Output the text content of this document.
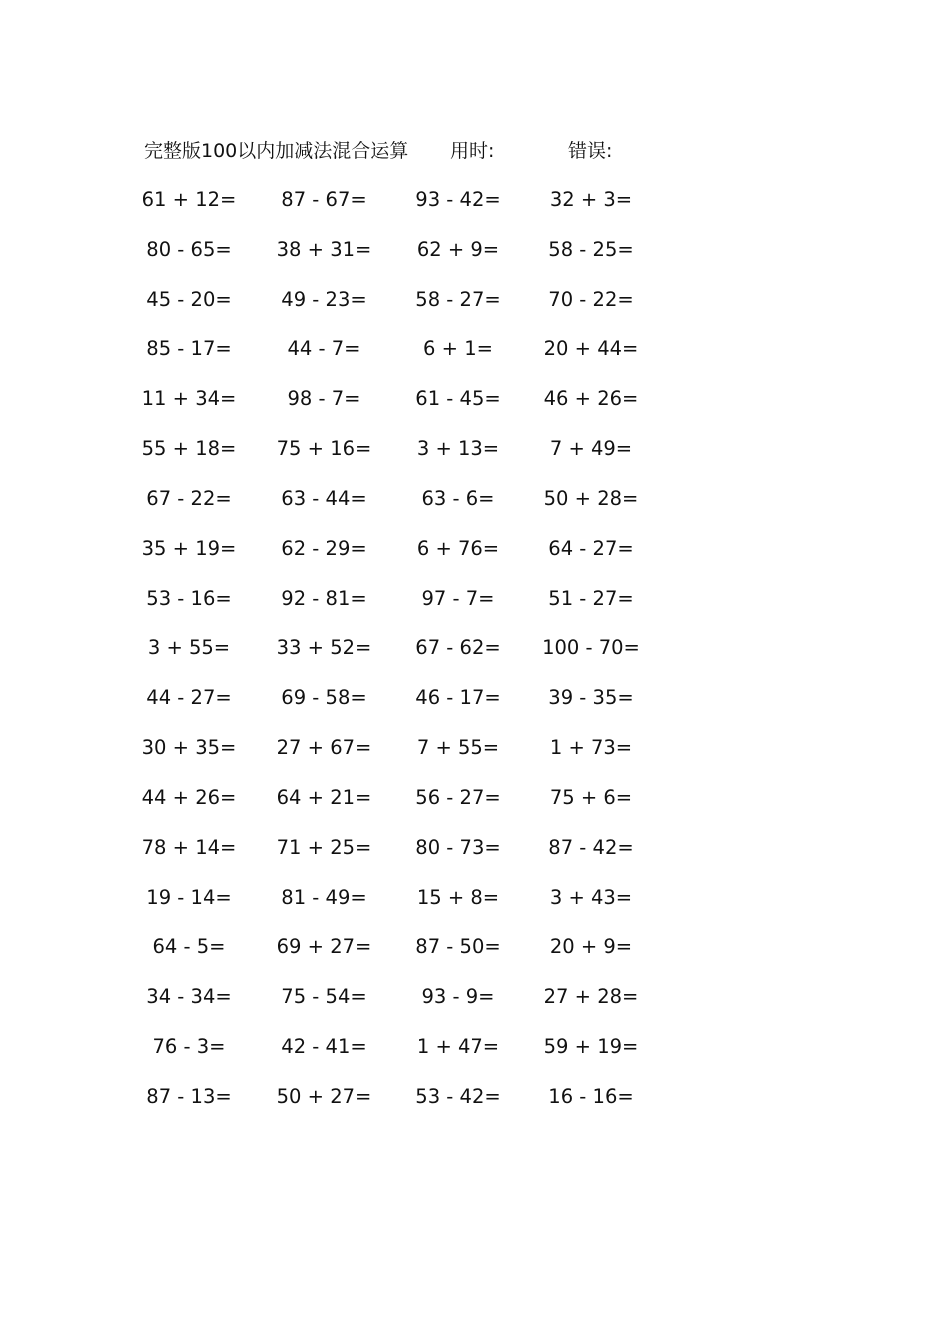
完整版100以内加减法混合运算 用时:	错误:
61 + 12=	87 - 67=	93 - 42=	32 + 3=
80 - 65=	38 + 31=	62 + 9=	58 - 25=
45 - 20=	49 - 23=	58 - 27=	70 - 22=
85 - 17=	44 - 7=	6 + 1=	20 + 44=
11 + 34=	98 - 7=	61 - 45=	46 + 26=
55 + 18=	75 + 16=	3 + 13=	7 + 49=
67 - 22=	63 - 44=	63 - 6=	50 + 28=
35 + 19=	62 - 29=	6 + 76=	64 - 27=
53 - 16=	92 - 81=	97 - 7=	51 - 27=
3 + 55=	33 + 52=	67 - 62=	100 - 70=
44 - 27=	69 - 58=	46 - 17=	39 - 35=
30 + 35=	27 + 67=	7 + 55=	1 + 73=
44 + 26=	64 + 21=	56 - 27=	75 + 6=
78 + 14=	71 + 25=	80 - 73=	87 - 42=
19 - 14=	81 - 49=	15 + 8=	3 + 43=
64 - 5=	69 + 27=	87 - 50=	20 + 9=
34 - 34=	75 - 54=	93 - 9=	27 + 28=
76 - 3=	42 - 41=	1 + 47=	59 + 19=
87 - 13=	50 + 27=	53 - 42=	16 - 16=
